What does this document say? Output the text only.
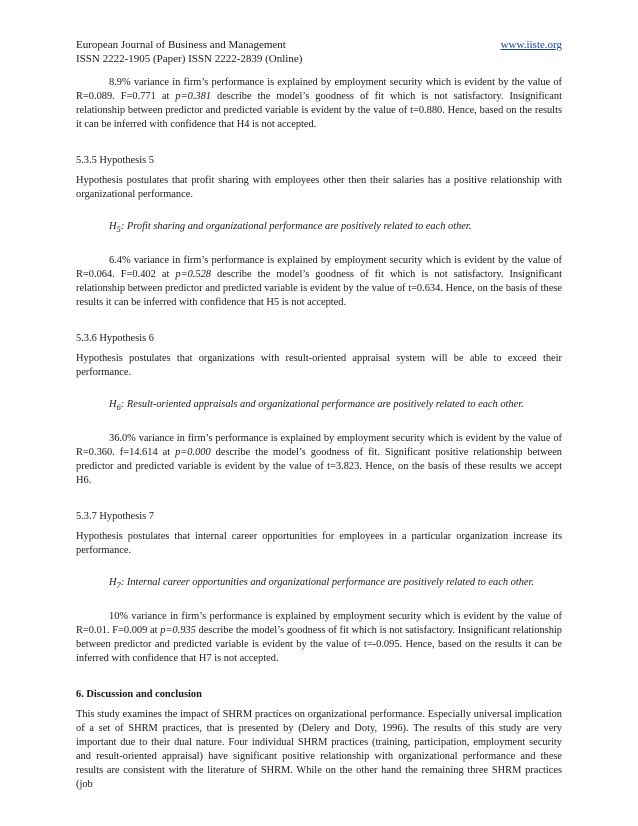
European Journal of Business and Management	www.iiste.org
ISSN 2222-1905 (Paper) ISSN 2222-2839 (Online)

8.9% variance in firm’s performance is explained by employment security which is evident by the value of R=0.089. F=0.771 at p=0.381 describe the model’s goodness of fit which is not satisfactory. Insignificant relationship between predictor and predicted variable is evident by the value of t=0.880. Hence, based on the results it can be inferred with confidence that H4 is not accepted.

5.3.5 Hypothesis 5

Hypothesis postulates that profit sharing with employees other then their salaries has a positive relationship with organizational performance.

$H_5$: Profit sharing and organizational performance are positively related to each other.

6.4% variance in firm’s performance is explained by employment security which is evident by the value of R=0.064. F=0.402 at p=0.528 describe the model’s goodness of fit which is not satisfactory. Insignificant relationship between predictor and predicted variable is evident by the value of t=0.634. Hence, on the basis of these results it can be inferred with confidence that H5 is not accepted.

5.3.6 Hypothesis 6

Hypothesis postulates that organizations with result-oriented appraisal system will be able to exceed their performance.

$H_6$: Result-oriented appraisals and organizational performance are positively related to each other.

36.0% variance in firm’s performance is explained by employment security which is evident by the value of R=0.360. f=14.614 at p=0.000 describe the model’s goodness of fit. Significant positive relationship between predictor and predicted variable is evident by the value of t=3.823. Hence, on the basis of these results we accept H6.

5.3.7 Hypothesis 7

Hypothesis postulates that internal career opportunities for employees in a particular organization increase its performance.

$H_7$: Internal career opportunities and organizational performance are positively related to each other.

10% variance in firm’s performance is explained by employment security which is evident by the value of R=0.01. F=0.009 at p=0.935 describe the model’s goodness of fit which is not satisfactory. Insignificant relationship between predictor and predicted variable is evident by the value of t=-0.095. Hence, based on the results it can be inferred with confidence that H7 is not accepted.

6. Discussion and conclusion

This study examines the impact of SHRM practices on organizational performance. Especially universal implication of a set of SHRM practices, that is presented by (Delery and Doty, 1996). The results of this study are very important due to their dual nature. Four individual SHRM practices (training, participation, employment security and result-oriented appraisal) have significant positive relationship with organizational performance and these results are consistent with the literature of SHRM. While on the other hand the remaining three SHRM practices (job
